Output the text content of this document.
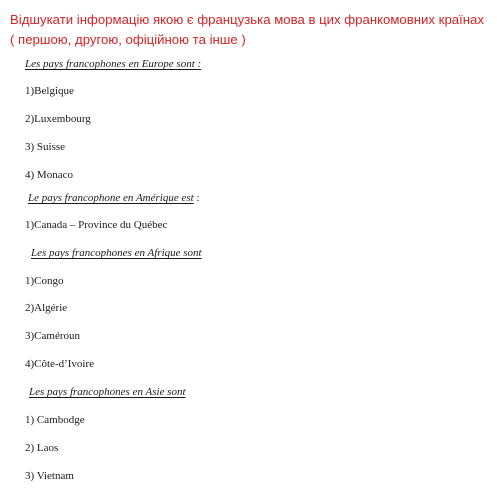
Відшукати інформацію якою є французька мова в цих франкомовних країнах
( першою, другою, офіційною та інше )
Les pays francophones en Europe sont :
1)Belgique
2)Luxembourg
3) Suisse
4) Monaco
Le pays francophone en Amérique est :
1)Canada – Province du Québec
Les pays francophones en Afrique sont
1)Congo
2)Algérie
3)Caméroun
4)Côte-d’Ivoire
Les pays francophones en Asie sont
1) Cambodge
2) Laos
3) Vietnam
